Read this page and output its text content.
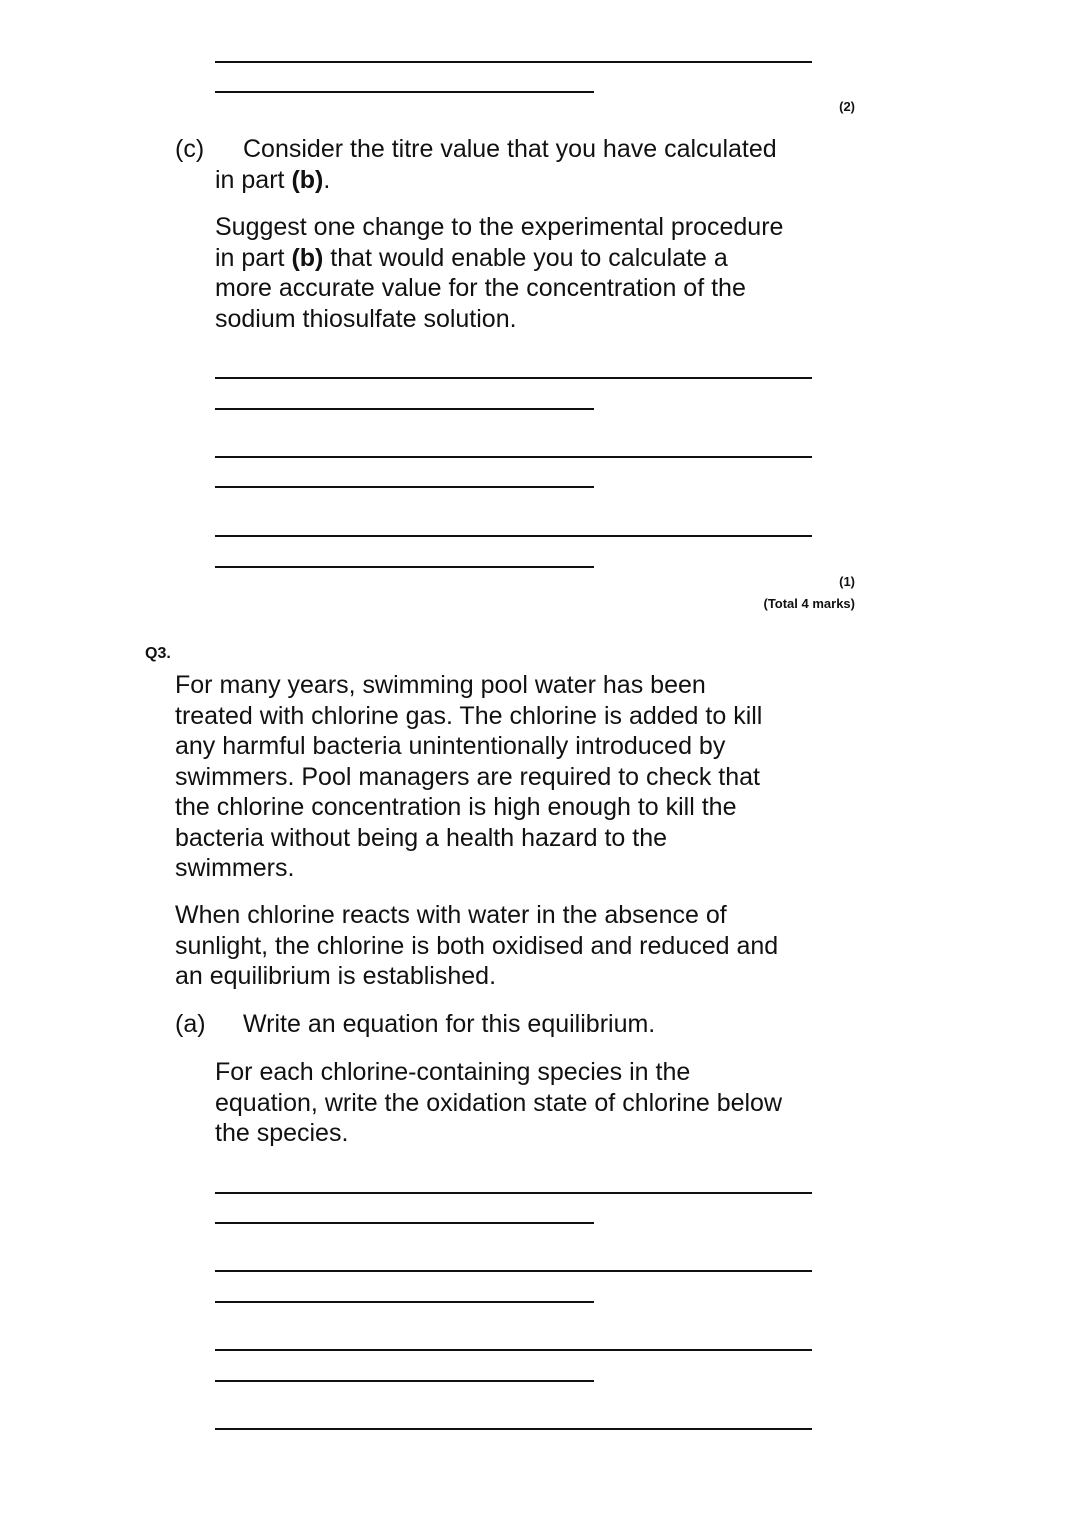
(2)
(c) Consider the titre value that you have calculated
in part (b).
Suggest one change to the experimental procedure
in part (b) that would enable you to calculate a
more accurate value for the concentration of the
sodium thiosulfate solution.
(1)
(Total 4 marks)
Q3.
For many years, swimming pool water has been
treated with chlorine gas. The chlorine is added to kill
any harmful bacteria unintentionally introduced by
swimmers. Pool managers are required to check that
the chlorine concentration is high enough to kill the
bacteria without being a health hazard to the
swimmers.
When chlorine reacts with water in the absence of
sunlight, the chlorine is both oxidised and reduced and
an equilibrium is established.
(a) Write an equation for this equilibrium.
For each chlorine-containing species in the
equation, write the oxidation state of chlorine below
the species.
